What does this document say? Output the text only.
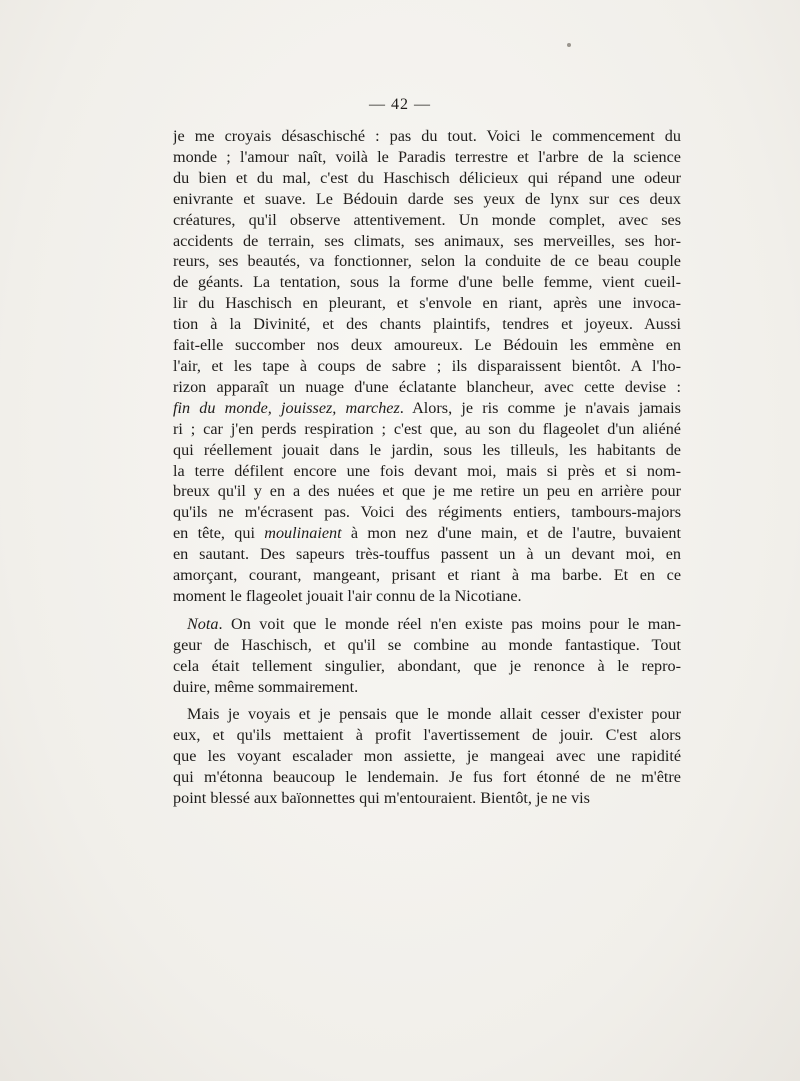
— 42 —
je me croyais désaschisché : pas du tout. Voici le commencement du
monde ; l'amour naît, voilà le Paradis terrestre et l'arbre de la science
du bien et du mal, c'est du Haschisch délicieux qui répand une odeur
enivrante et suave. Le Bédouin darde ses yeux de lynx sur ces deux
créatures, qu'il observe attentivement. Un monde complet, avec ses
accidents de terrain, ses climats, ses animaux, ses merveilles, ses hor-
reurs, ses beautés, va fonctionner, selon la conduite de ce beau couple
de géants. La tentation, sous la forme d'une belle femme, vient cueil-
lir du Haschisch en pleurant, et s'envole en riant, après une invoca-
tion à la Divinité, et des chants plaintifs, tendres et joyeux. Aussi
fait-elle succomber nos deux amoureux. Le Bédouin les emmène en
l'air, et les tape à coups de sabre ; ils disparaissent bientôt. A l'ho-
rizon apparaît un nuage d'une éclatante blancheur, avec cette devise :
fin du monde, jouissez, marchez. Alors, je ris comme je n'avais jamais
ri ; car j'en perds respiration ; c'est que, au son du flageolet d'un aliéné
qui réellement jouait dans le jardin, sous les tilleuls, les habitants de
la terre défilent encore une fois devant moi, mais si près et si nom-
breux qu'il y en a des nuées et que je me retire un peu en arrière pour
qu'ils ne m'écrasent pas. Voici des régiments entiers, tambours-majors
en tête, qui moulinaient à mon nez d'une main, et de l'autre, buvaient
en sautant. Des sapeurs très-touffus passent un à un devant moi, en
amorçant, courant, mangeant, prisant et riant à ma barbe. Et en ce
moment le flageolet jouait l'air connu de la Nicotiane.
Nota. On voit que le monde réel n'en existe pas moins pour le man-
geur de Haschisch, et qu'il se combine au monde fantastique. Tout
cela était tellement singulier, abondant, que je renonce à le repro-
duire, même sommairement.
Mais je voyais et je pensais que le monde allait cesser d'exister pour
eux, et qu'ils mettaient à profit l'avertissement de jouir. C'est alors
que les voyant escalader mon assiette, je mangeai avec une rapidité
qui m'étonna beaucoup le lendemain. Je fus fort étonné de ne m'être
point blessé aux baïonnettes qui m'entouraient. Bientôt, je ne vis
